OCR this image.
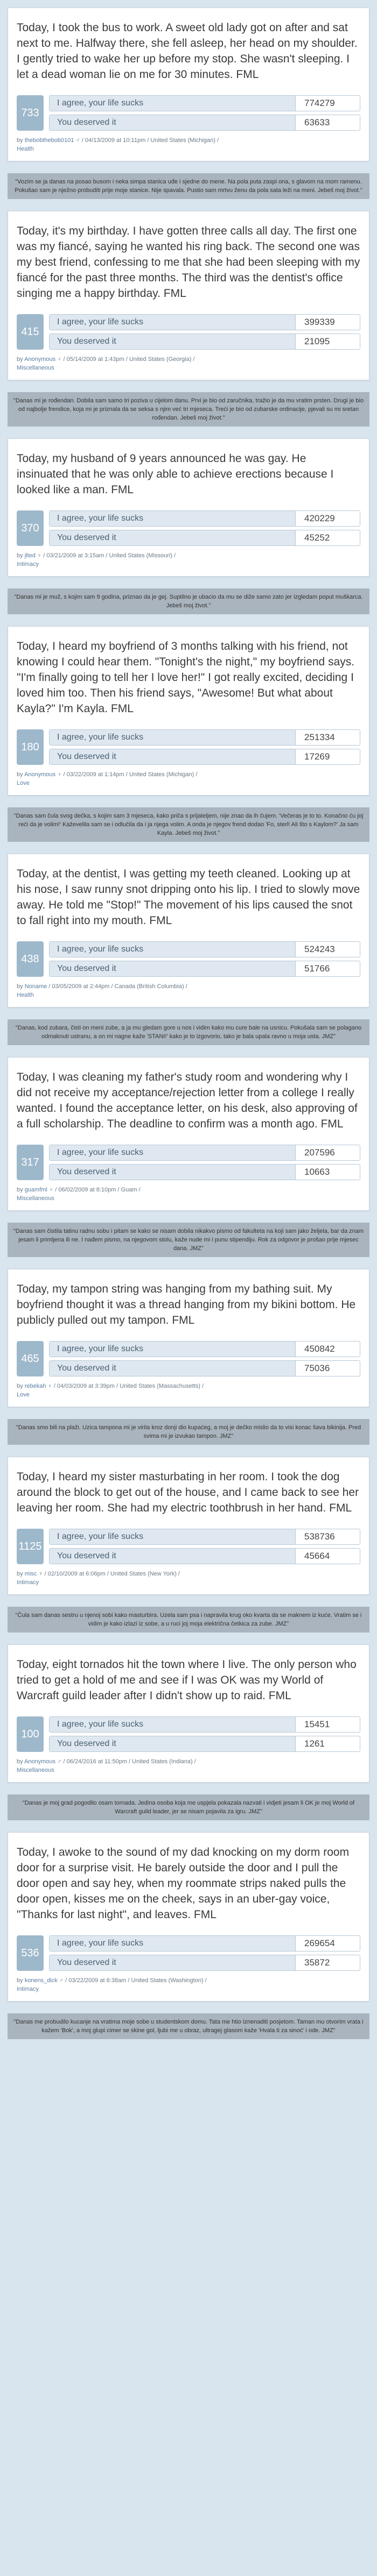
Today, I took the bus to work. A sweet old lady got on after and sat next to me. Halfway there, she fell asleep, her head on my shoulder. I gently tried to wake her up before my stop. She wasn't sleeping. I let a dead woman lie on me for 30 minutes. FML

733
I agree, your life sucks	774279
You deserved it	63633
by thebobthebob0101 ♂ / 04/13/2009 at 10:11pm / United States (Michigan) /
Health
"Vozim se ja danas na posao busom i neka simpa stanica uđe i sjedne do mene. Na pola puta zaspi ona, s glavom na mom ramenu. Pokušao sam je nježno probuditi prije moje stanice. Nije spavala. Pustio sam mrtvu ženu da pola sata leži na meni. Jebeš moj život."

Today, it's my birthday. I have gotten three calls all day. The first one was my fiancé, saying he wanted his ring back. The second one was my best friend, confessing to me that she had been sleeping with my fiancé for the past three months. The third was the dentist's office singing me a happy birthday. FML

415
I agree, your life sucks	399339
You deserved it	21095
by Anonymous ♀ / 05/14/2009 at 1:43pm / United States (Georgia) /
Miscellaneous
"Danas mi je rođendan. Dobila sam samo tri poziva u cijelom danu. Prvi je bio od zaručnika, tražio je da mu vratim prsten. Drugi je bio od najbolje frendice, koja mi je priznala da se seksa s njim već tri mjeseca. Treći je bio od zubarske ordinacije, pjevali su mi sretan rođendan. Jebeš moj život."

Today, my husband of 9 years announced he was gay. He insinuated that he was only able to achieve erections because I looked like a man. FML

370
I agree, your life sucks	420229
You deserved it	45252
by jlted ♀ / 03/21/2009 at 3:15am / United States (Missouri) /
Intimacy
"Danas mi je muž, s kojim sam 9 godina, priznao da je gej. Suptilno je ubacio da mu se diže samo zato jer izgledam poput muškarca. Jebeš moj život."

Today, I heard my boyfriend of 3 months talking with his friend, not knowing I could hear them. "Tonight's the night," my boyfriend says. "I'm finally going to tell her I love her!" I got really excited, deciding I loved him too. Then his friend says, "Awesome! But what about Kayla?" I'm Kayla. FML

180
I agree, your life sucks	251334
You deserved it	17269
by Anonymous ♀ / 03/22/2009 at 1:14pm / United States (Michigan) /
Love
"Danas sam čula svog dečka, s kojim sam 3 mjeseca, kako priča s prijateljem, nije znao da ih čujem. 'Večeras je to to. Konačno ću joj reći da je volim!' Kaževelila sam se i odlučila da i ja njega volim. A onda je njegov frend dodao 'Fo, sterl! Ali što s Kaylom?' Ja sam Kayla. Jebeš moj život."

Today, at the dentist, I was getting my teeth cleaned. Looking up at his nose, I saw runny snot dripping onto his lip. I tried to slowly move away. He told me "Stop!" The movement of his lips caused the snot to fall right into my mouth. FML

438
I agree, your life sucks	524243
You deserved it	51766
by Noname / 03/05/2009 at 2:44pm / Canada (British Columbia) /
Health
"Danas, kod zubara, čisti on meni zube, a ja mu gledam gore u nos i vidim kako mu cure bale na usnicu. Pokušala sam se polagano odmaknuti ustranu, a on mi nagne kaže 'STANI!' kako je to izgovorio, tako je bala upala ravno u moja usta. JMZ"

Today, I was cleaning my father's study room and wondering why I did not receive my acceptance/rejection letter from a college I really wanted. I found the acceptance letter, on his desk, also approving of a full scholarship. The deadline to confirm was a month ago. FML

317
I agree, your life sucks	207596
You deserved it	10663
by guamfml ♀ / 06/02/2009 at 8:10pm / Guam /
Miscellaneous
"Danas sam čistila tatinu radnu sobu i pitam se kako se nisam dobila nikakvo pismo od fakulteta na koji sam jako željela, bar da znam jesam li primljena ili ne. I nađem pismo, na njegovom stolu, kaže nude mi i punu stipendiju. Rok za odgovor je prošao prije mjesec dana. JMZ"

Today, my tampon string was hanging from my bathing suit. My boyfriend thought it was a thread hanging from my bikini bottom. He publicly pulled out my tampon. FML

465
I agree, your life sucks	450842
You deserved it	75036
by rebekah ♀ / 04/03/2009 at 3:39pm / United States (Massachusetts) /
Love
"Danas smo bili na plaži. Uzica tampona mi je virila kroz donji dio kupaćeg, a moj je dečko mislio da to visi konac šava bikinija. Pred svima mi je izvukao tampon. JMZ"

Today, I heard my sister masturbating in her room. I took the dog around the block to get out of the house, and I came back to see her leaving her room. She had my electric toothbrush in her hand. FML

1125
I agree, your life sucks	538736
You deserved it	45664
by misc ♀ / 02/10/2009 at 6:06pm / United States (New York) /
Intimacy
"Čula sam danas sestru u njenoj sobi kako masturbira. Uzela sam psa i napravila krug oko kvarta da se maknem iz kuće. Vratim se i vidim je kako izlazi iz sobe, a u ruci joj moja električna četkica za zube. JMZ"

Today, eight tornados hit the town where I live. The only person who tried to get a hold of me and see if I was OK was my World of Warcraft guild leader after I didn't show up to raid. FML

100
I agree, your life sucks	15451
You deserved it	1261
by Anonymous ♂ / 06/24/2016 at 11:50pm / United States (Indiana) /
Miscellaneous
"Danas je moj grad pogodilo osam tornada. Jedina osoba koja me uspjela pokazala nazvati i vidjeti jesam li OK je moj World of Warcraft guild leader, jer se nisam pojavila za igru. JMZ"

Today, I awoke to the sound of my dad knocking on my dorm room door for a surprise visit. He barely outside the door and I pull the door open and say hey, when my roommate strips naked pulls the door open, kisses me on the cheek, says in an uber-gay voice, "Thanks for last night", and leaves. FML

536
I agree, your life sucks	269654
You deserved it	35872
by konens_dick ♂ / 03/22/2009 at 6:38am / United States (Washington) /
Intimacy
"Danas me probudilo kucanje na vratima moje sobe u studentskom domu. Tata me htio iznenaditi posjetom. Taman mu otvorim vrata i kažem 'Bok', a moj glupi cimer se skine gol, ljubi me u obraz, ultragej glasom kaže 'Hvala ti za sinoć' i ode. JMZ"
